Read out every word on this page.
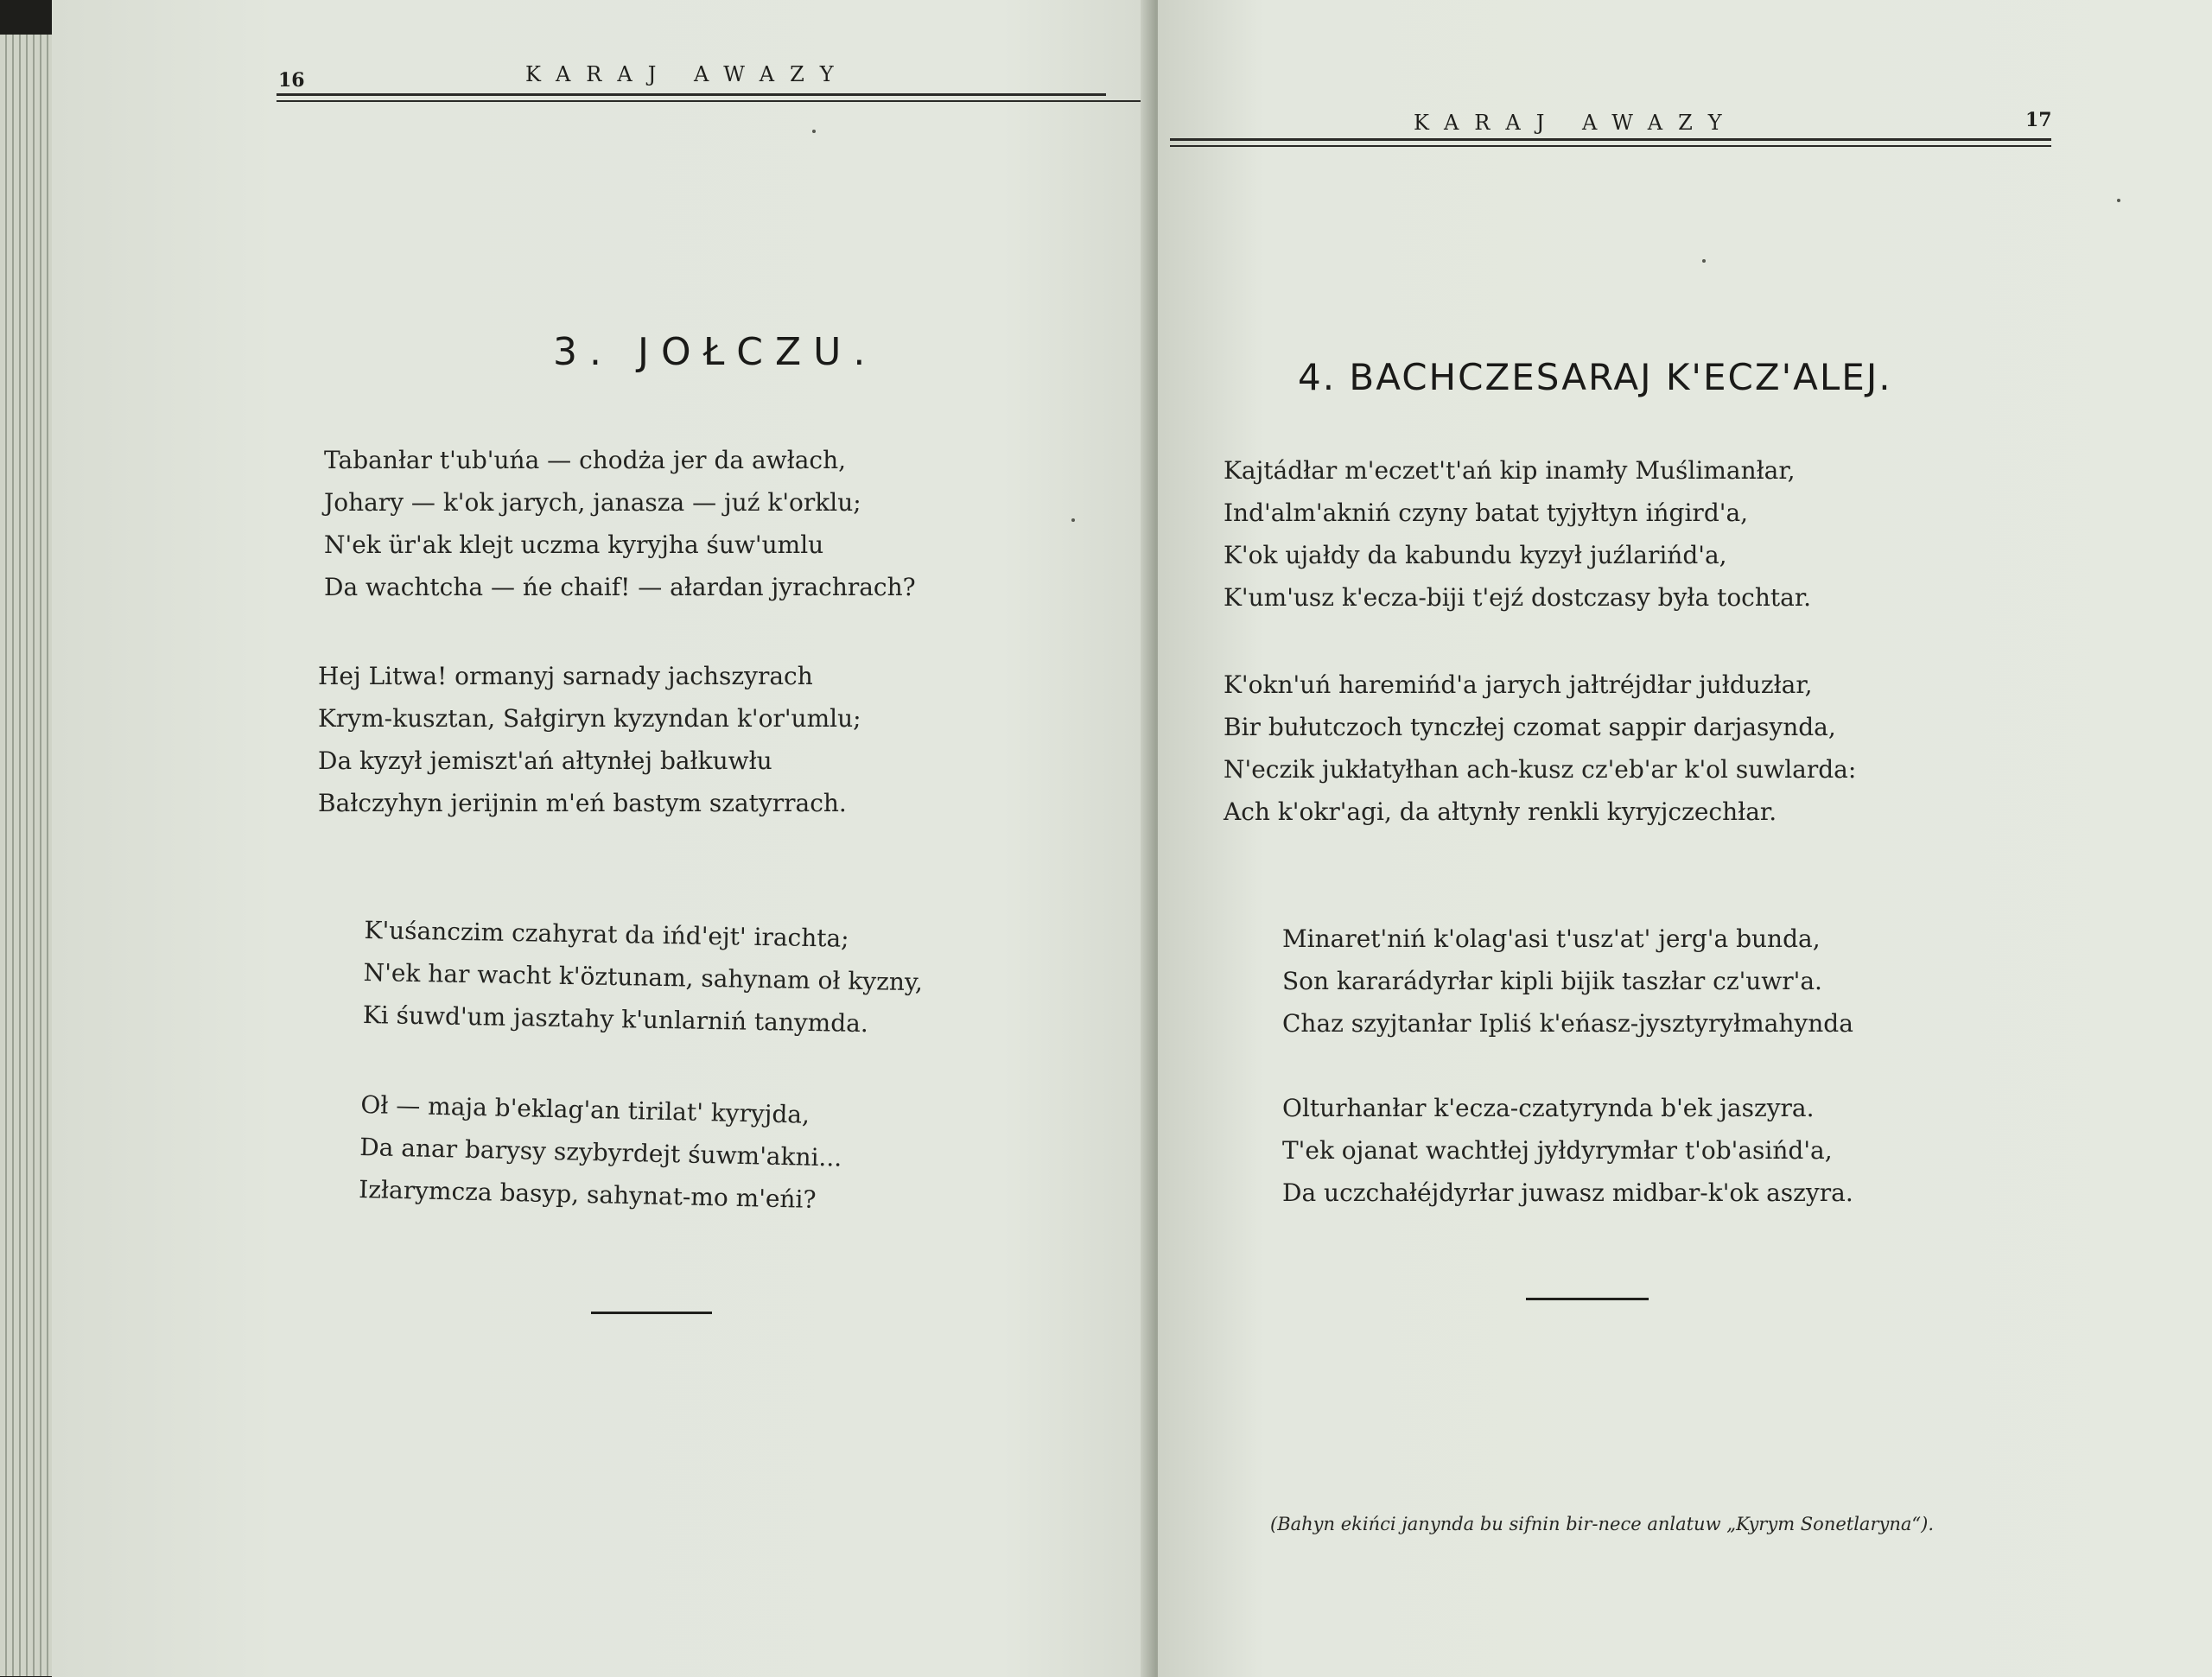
16	KARAJ AWAZY
3. JOŁCZU.
Tabanłar t'ub'uńa — chodża jer da awłach,
Johary — k'ok jarych, janasza — juź k'orklu;
N'ek ür'ak klejt uczma kyryjha śuw'umlu
Da wachtcha — ńe chaif! — ałardan jyrachrach?
Hej Litwa! ormanyj sarnady jachszyrach
Krym-kusztan, Sałgiryn kyzyndan k'or'umlu;
Da kyzył jemiszt'ań ałtynłej bałkuwłu
Bałczyhyn jerijnin m'eń bastym szatyrrach.
K'uśanczim czahyrat da ińd'ejt' irachta;
N'ek har wacht k'öztunam, sahynam oł kyzny,
Ki śuwd'um jasztahy k'unlarniń tanymda.
Oł — maja b'eklag'an tirilat' kyryjda,
Da anar barysy szybyrdejt śuwm'akni...
Izłarymcza basyp, sahynat-mo m'eńi?
KARAJ AWAZY	17
4. BACHCZESARAJ K'ECZ'ALEJ.
Kajtádłar m'eczet't'ań kip inamły Muślimanłar,
Ind'alm'akniń czyny batat tyjyłtyn ińgird'a,
K'ok ujałdy da kabundu kyzył juźlarińd'a,
K'um'usz k'ecza-biji t'ejź dostczasy była tochtar.
K'okn'uń haremińd'a jarych jałtréjdłar jułduzłar,
Bir bułutczoch tynczłej czomat sappir darjasynda,
N'eczik jukłatyłhan ach-kusz cz'eb'ar k'ol suwlarda:
Ach k'okr'agi, da ałtynły renkli kyryjczechłar.
Minaret'niń k'olag'asi t'usz'at' jerg'a bunda,
Son kararádyrłar kipli bijik taszłar cz'uwr'a.
Chaz szyjtanłar Ipliś k'eńasz-jysztyryłmahynda
Olturhanłar k'ecza-czatyrynda b'ek jaszyra.
T'ek ojanat wachtłej jyłdyrymłar t'ob'asińd'a,
Da uczchałéjdyrłar juwasz midbar-k'ok aszyra.
(Bahyn ekińci janynda bu sifnin bir-nece anlatuw „Kyrym Sonetlaryna“).
